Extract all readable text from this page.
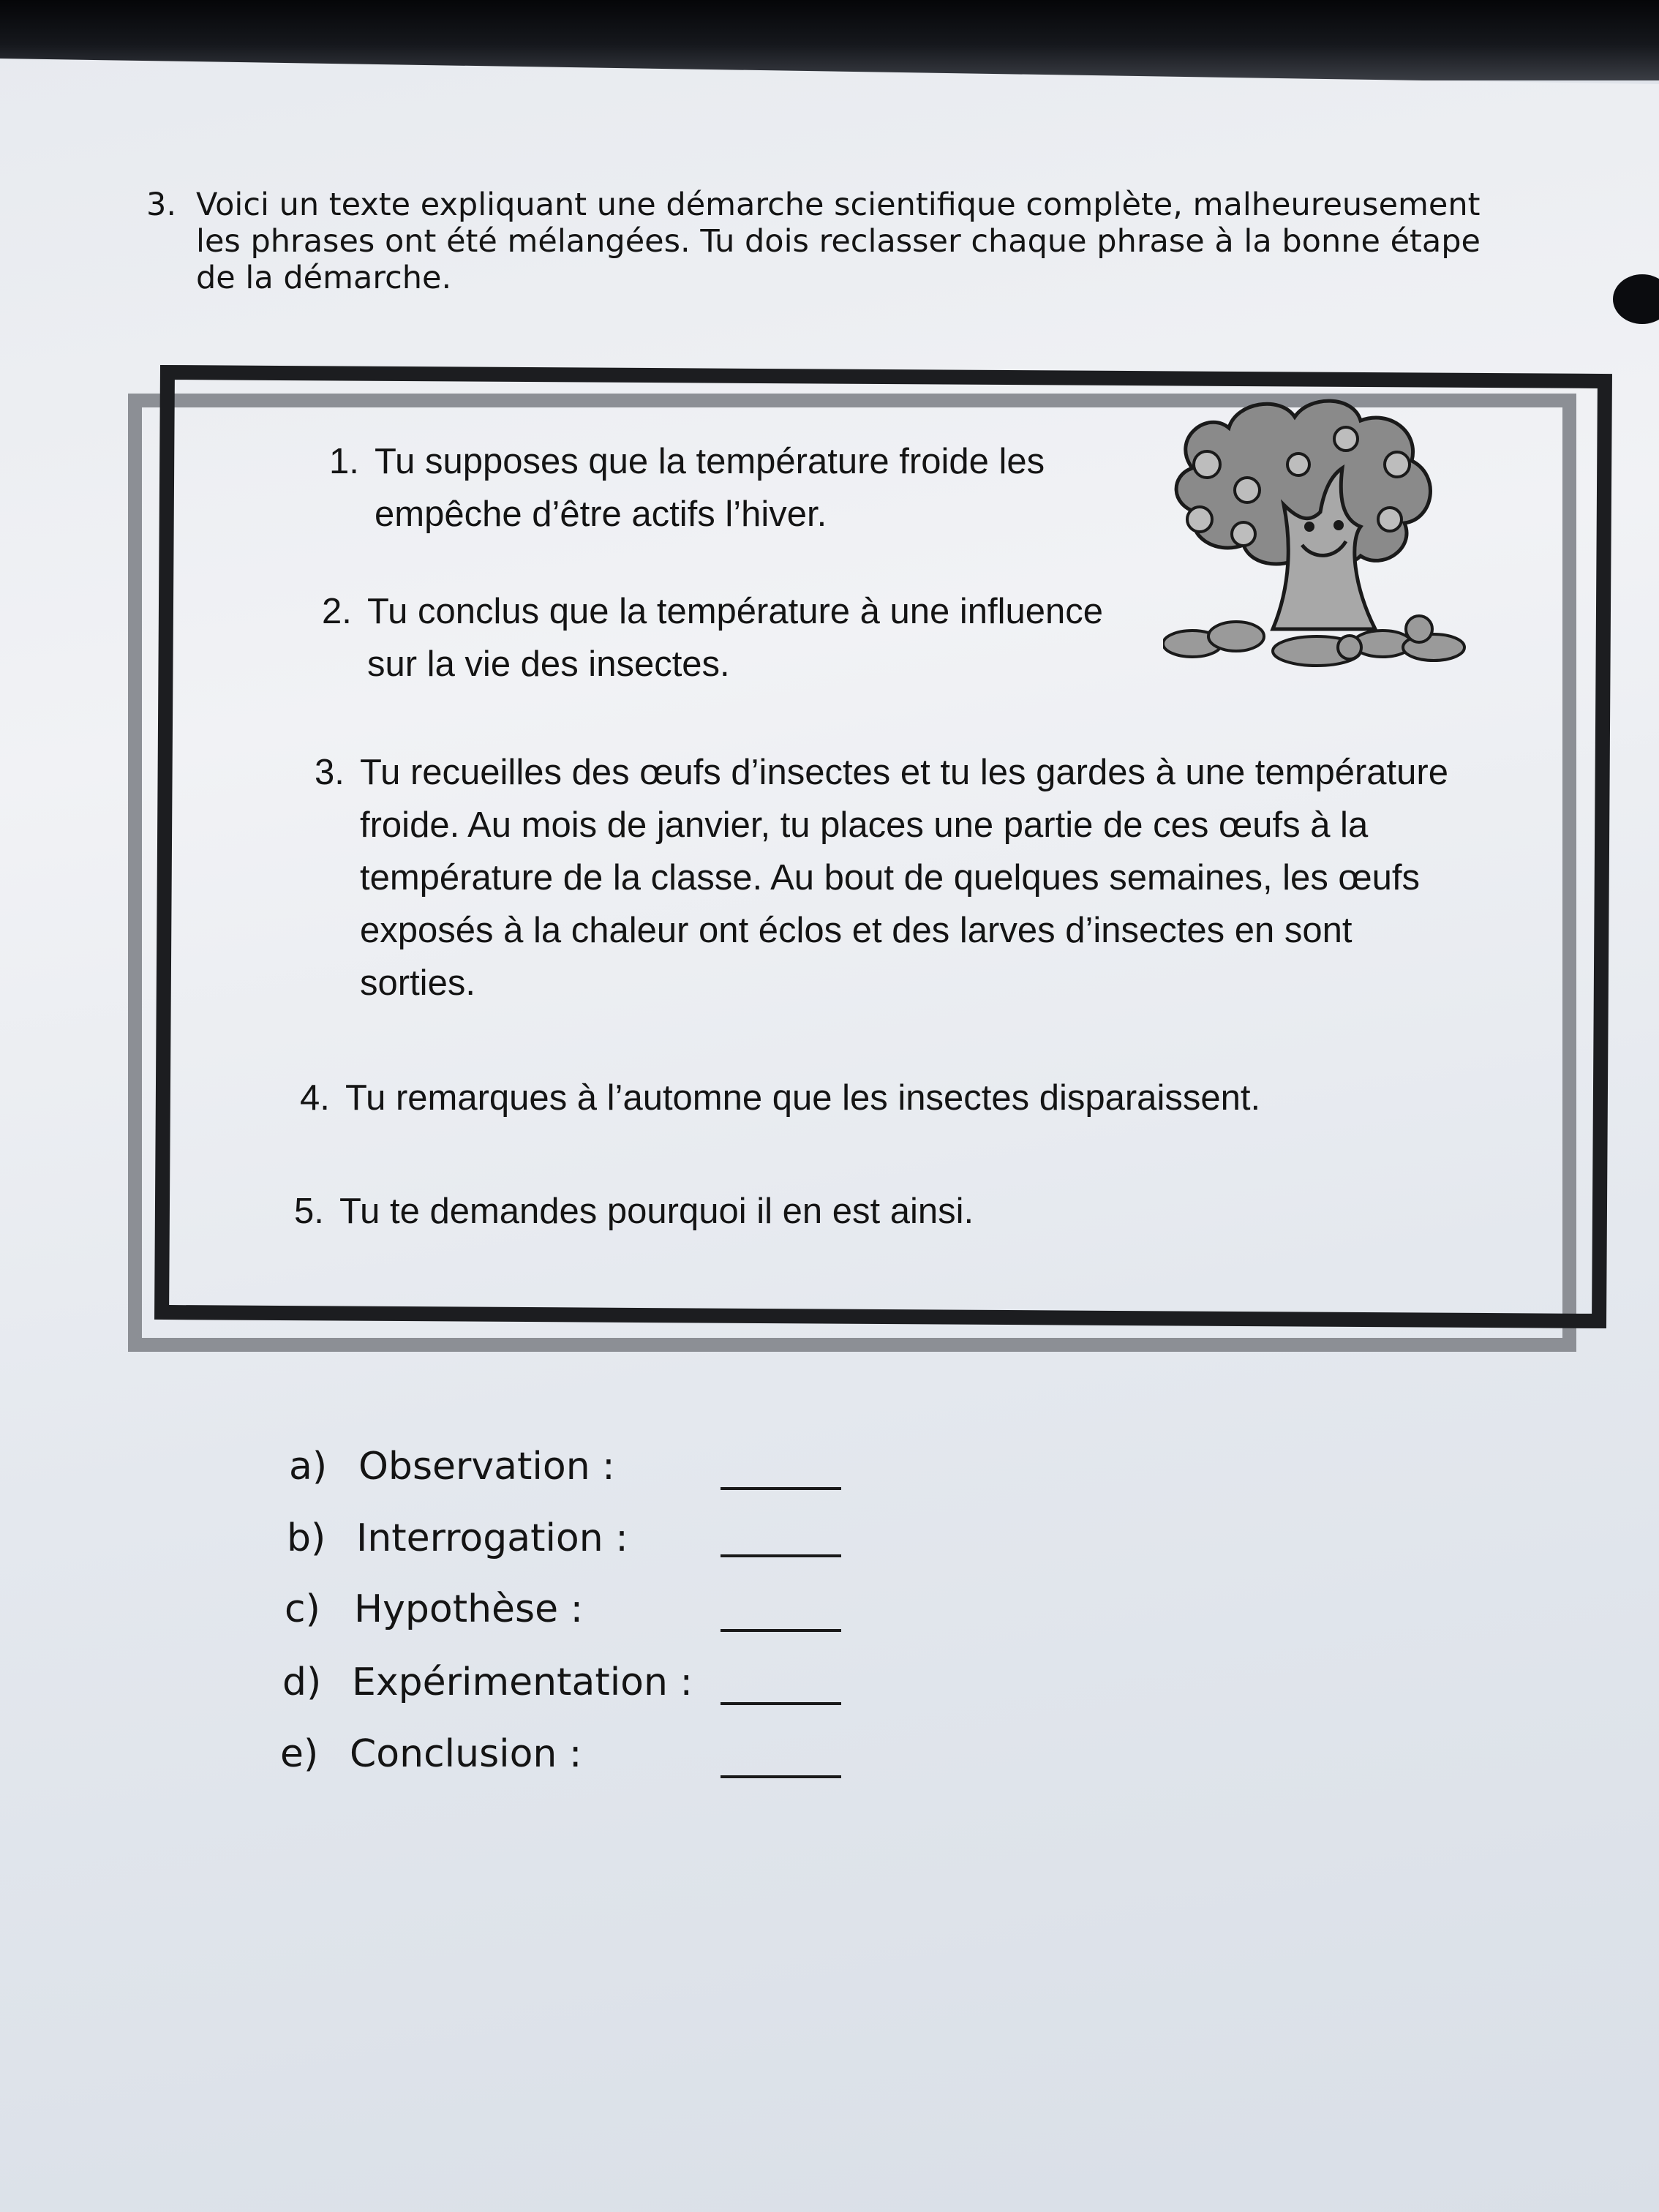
3. Voici un texte expliquant une démarche scientifique complète, malheureusement les phrases ont été mélangées. Tu dois reclasser chaque phrase à la bonne étape de la démarche.
1. Tu supposes que la température froide les empêche d’être actifs l’hiver.
2. Tu conclus que la température à une influence sur la vie des insectes.
3. Tu recueilles des œufs d’insectes et tu les gardes à une température froide. Au mois de janvier, tu places une partie de ces œufs à la température de la classe. Au bout de quelques semaines, les œufs exposés à la chaleur ont éclos et des larves d’insectes en sont sorties.
4. Tu remarques à l’automne que les insectes disparaissent.
5. Tu te demandes pourquoi il en est ainsi.
a) Observation :
b) Interrogation :
c) Hypothèse :
d) Expérimentation :
e) Conclusion :
